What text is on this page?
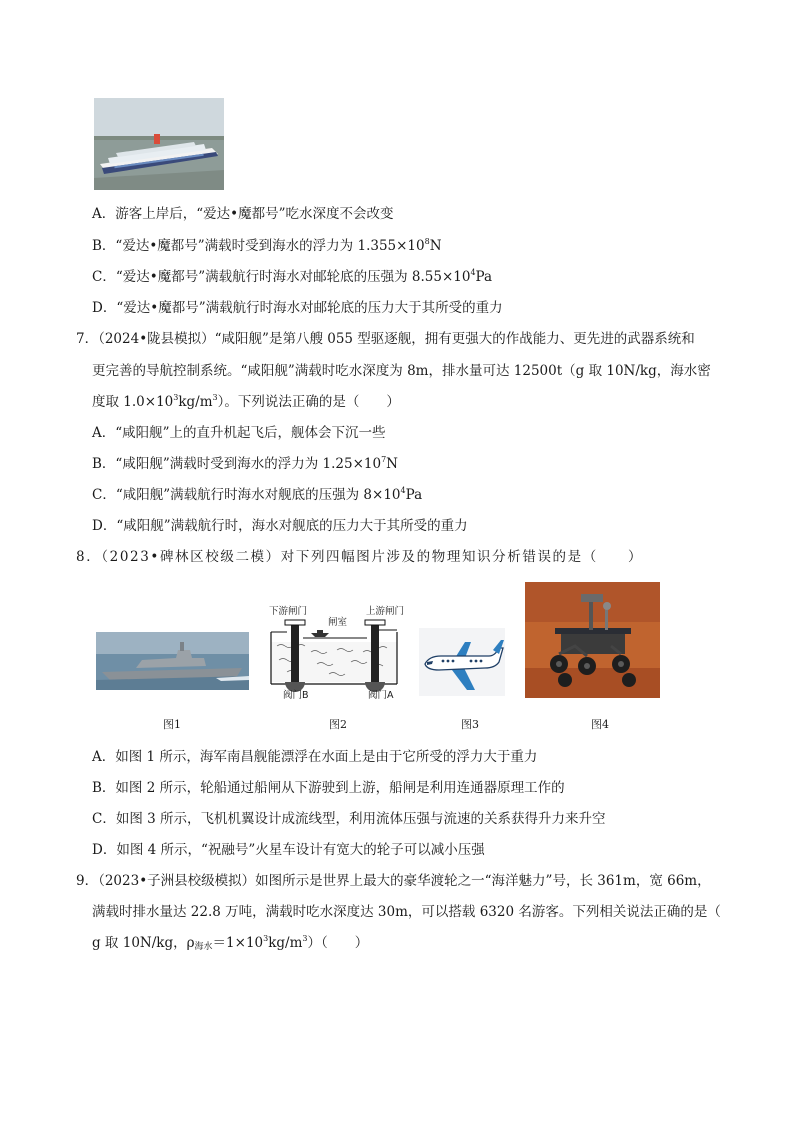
A．游客上岸后，“爱达•魔都号”吃水深度不会改变
B．“爱达•魔都号”满载时受到海水的浮力为 $1.355\times 10^8N$
C．“爱达•魔都号”满载航行时海水对邮轮底的压强为 $8.55\times 10^4Pa$
D．“爱达•魔都号”满载航行时海水对邮轮底的压力大于其所受的重力
7．（2024•陇县模拟）“咸阳舰”是第八艘 055 型驱逐舰，拥有更强大的作战能力、更先进的武器系统和
更完善的导航控制系统。“咸阳舰”满载时吃水深度为 8m，排水量可达 12500t（g 取 10N/kg，海水密
度取 $1.0\times 10^3kg/m^3$）。下列说法正确的是（　　）
A．“咸阳舰”上的直升机起飞后，舰体会下沉一些
B．“咸阳舰”满载时受到海水的浮力为 $1.25\times 10^7N$
C．“咸阳舰”满载航行时海水对舰底的压强为 $8\times 10^4Pa$
D．“咸阳舰”满载航行时，海水对舰底的压力大于其所受的重力
8．（2023•碑林区校级二模）对下列四幅图片涉及的物理知识分析错误的是（　　）
下游闸门
闸室
上游闸门
阀门B	阀门A
图1	图2	图3	图4
A．如图 1 所示，海军南昌舰能漂浮在水面上是由于它所受的浮力大于重力
B．如图 2 所示，轮船通过船闸从下游驶到上游，船闸是利用连通器原理工作的
C．如图 3 所示，飞机机翼设计成流线型，利用流体压强与流速的关系获得升力来升空
D．如图 4 所示，“祝融号”火星车设计有宽大的轮子可以减小压强
9．（2023•子洲县校级模拟）如图所示是世界上最大的豪华渡轮之一“海洋魅力”号，长 361m，宽 66m，
满载时排水量达 22.8 万吨，满载时吃水深度达 30m，可以搭载 6320 名游客。下列相关说法正确的是（
g 取 10N/kg，$\rho_{海水}=1\times 10^3kg/m^3$）（　　）
